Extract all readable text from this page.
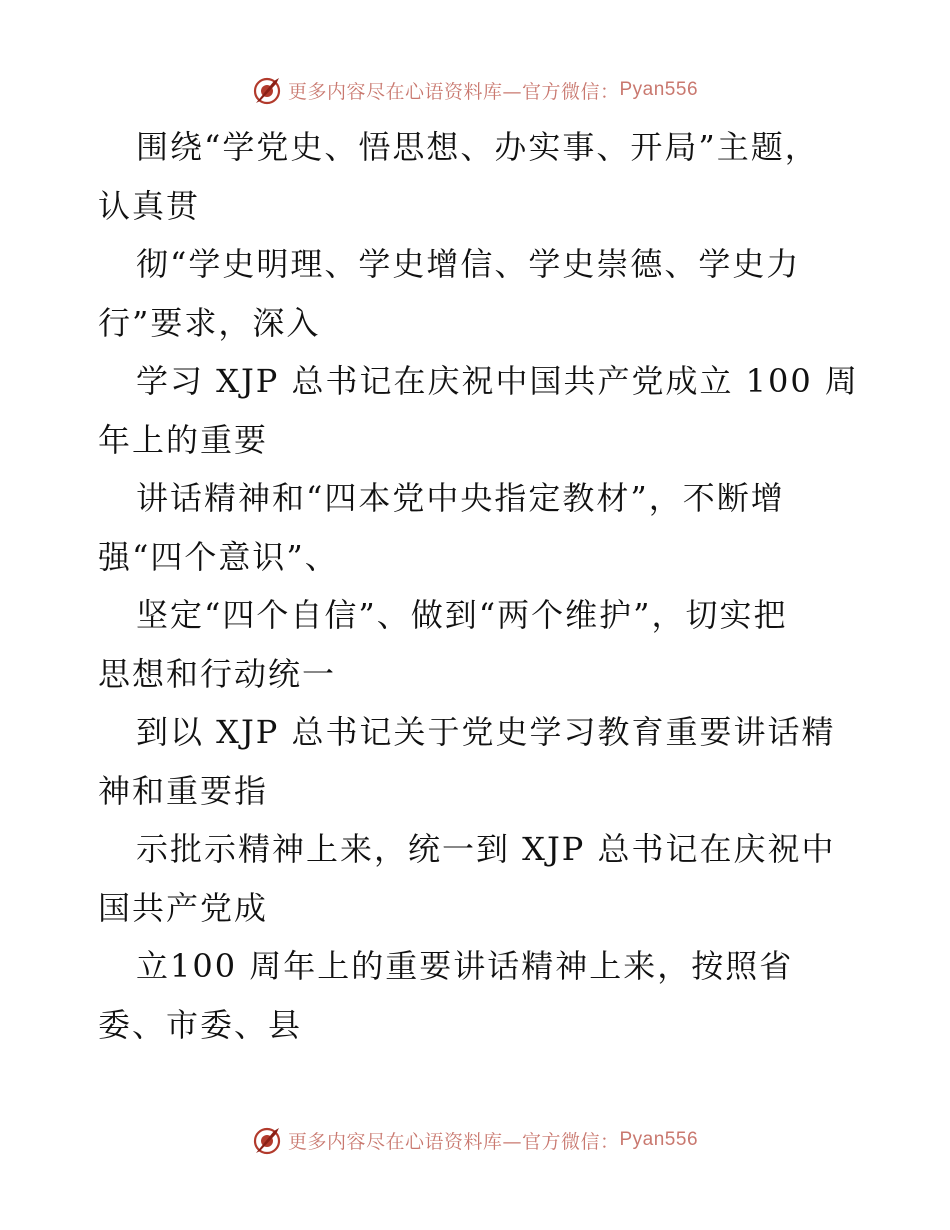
更多内容尽在心语资料库—官方微信： Pyan556
围绕“学党史、悟思想、办实事、开局”主题，
认真贯
彻“学史明理、学史增信、学史崇德、学史力
行”要求，深入
学习 XJP 总书记在庆祝中国共产党成立 100 周
年上的重要
讲话精神和“四本党中央指定教材”，不断增
强“四个意识”、
坚定“四个自信”、做到“两个维护”，切实把
思想和行动统一
到以 XJP 总书记关于党史学习教育重要讲话精
神和重要指
示批示精神上来，统一到 XJP 总书记在庆祝中
国共产党成
立100 周年上的重要讲话精神上来，按照省
委、市委、县
更多内容尽在心语资料库—官方微信： Pyan556
